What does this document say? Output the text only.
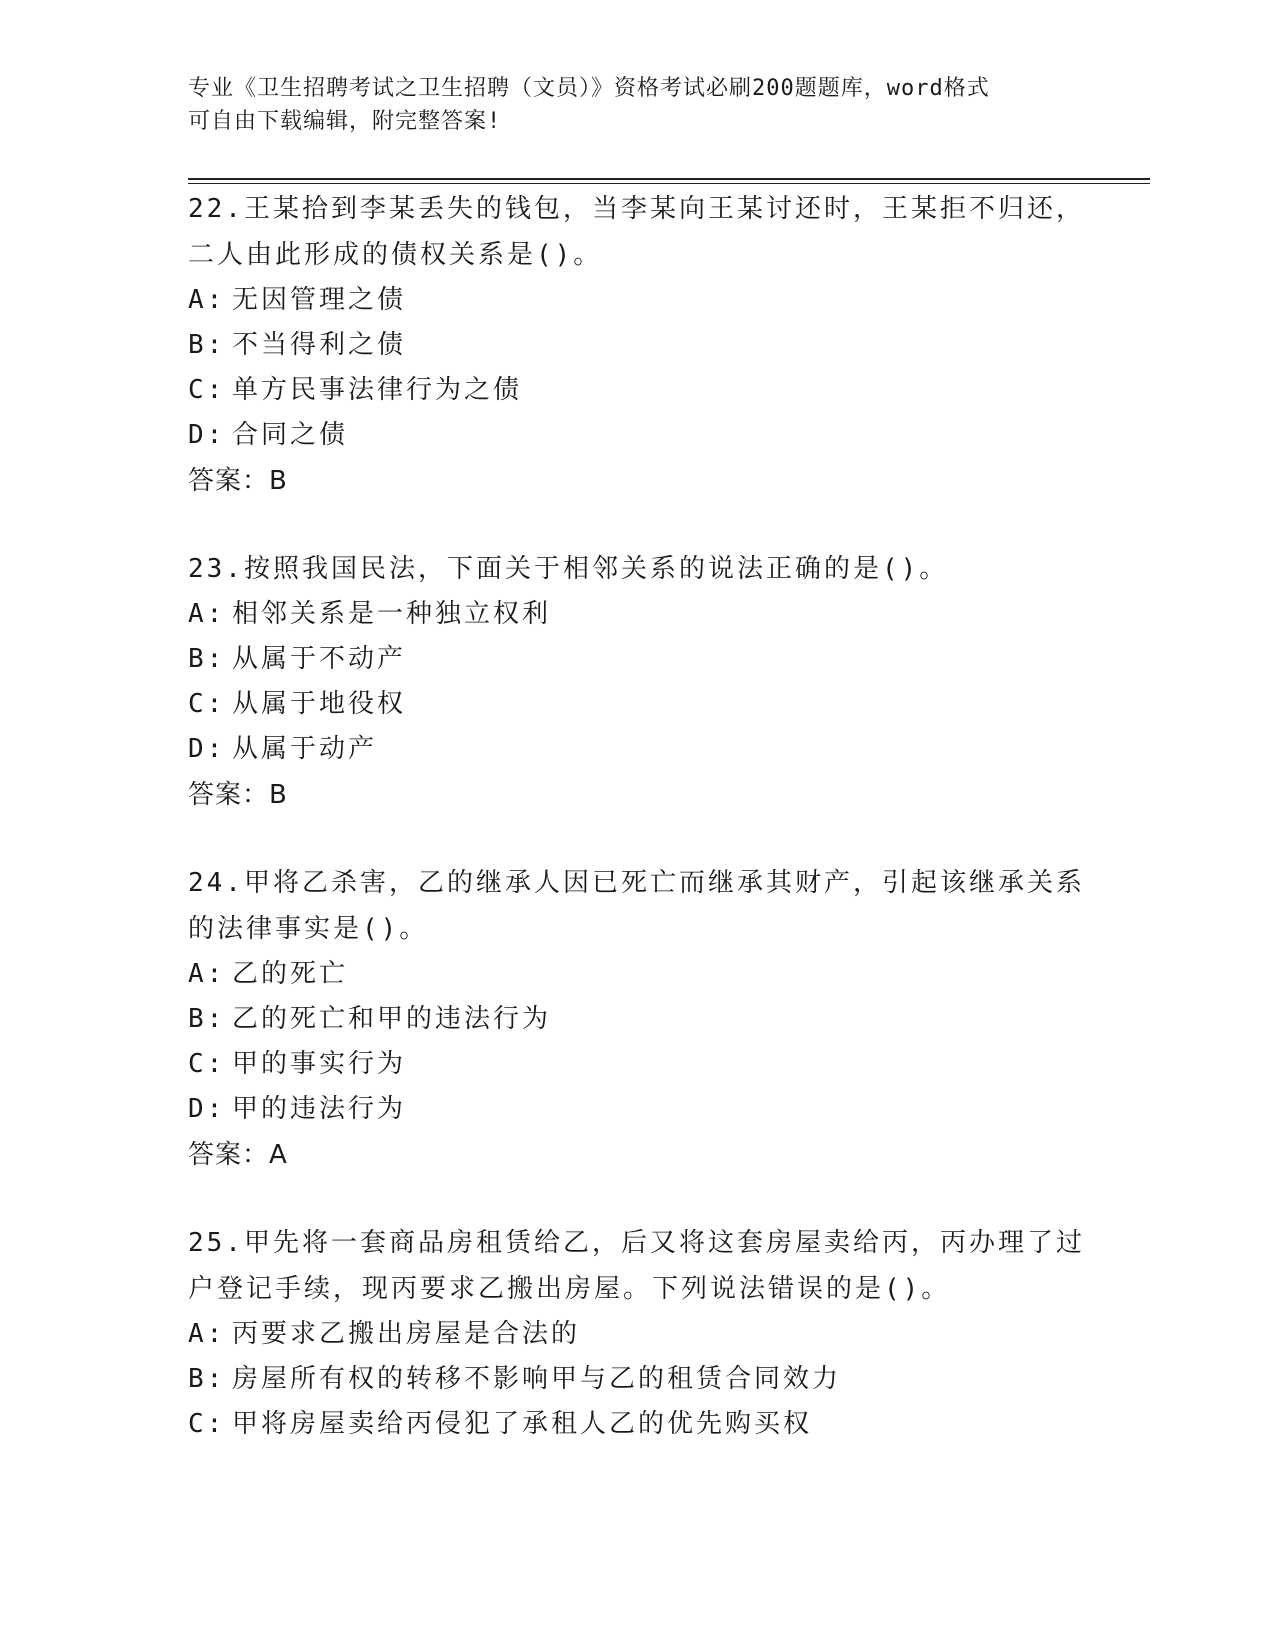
专业《卫生招聘考试之卫生招聘（文员）》资格考试必刷200题题库，word格式
可自由下载编辑，附完整答案!
22.王某拾到李某丢失的钱包，当李某向王某讨还时，王某拒不归还，
二人由此形成的债权关系是()。
A: 无因管理之债
B: 不当得利之债
C: 单方民事法律行为之债
D: 合同之债
答案：B
23.按照我国民法，下面关于相邻关系的说法正确的是()。
A: 相邻关系是一种独立权利
B: 从属于不动产
C: 从属于地役权
D: 从属于动产
答案：B
24.甲将乙杀害，乙的继承人因已死亡而继承其财产，引起该继承关系
的法律事实是()。
A: 乙的死亡
B: 乙的死亡和甲的违法行为
C: 甲的事实行为
D: 甲的违法行为
答案：A
25.甲先将一套商品房租赁给乙，后又将这套房屋卖给丙，丙办理了过
户登记手续，现丙要求乙搬出房屋。下列说法错误的是()。
A: 丙要求乙搬出房屋是合法的
B: 房屋所有权的转移不影响甲与乙的租赁合同效力
C: 甲将房屋卖给丙侵犯了承租人乙的优先购买权
